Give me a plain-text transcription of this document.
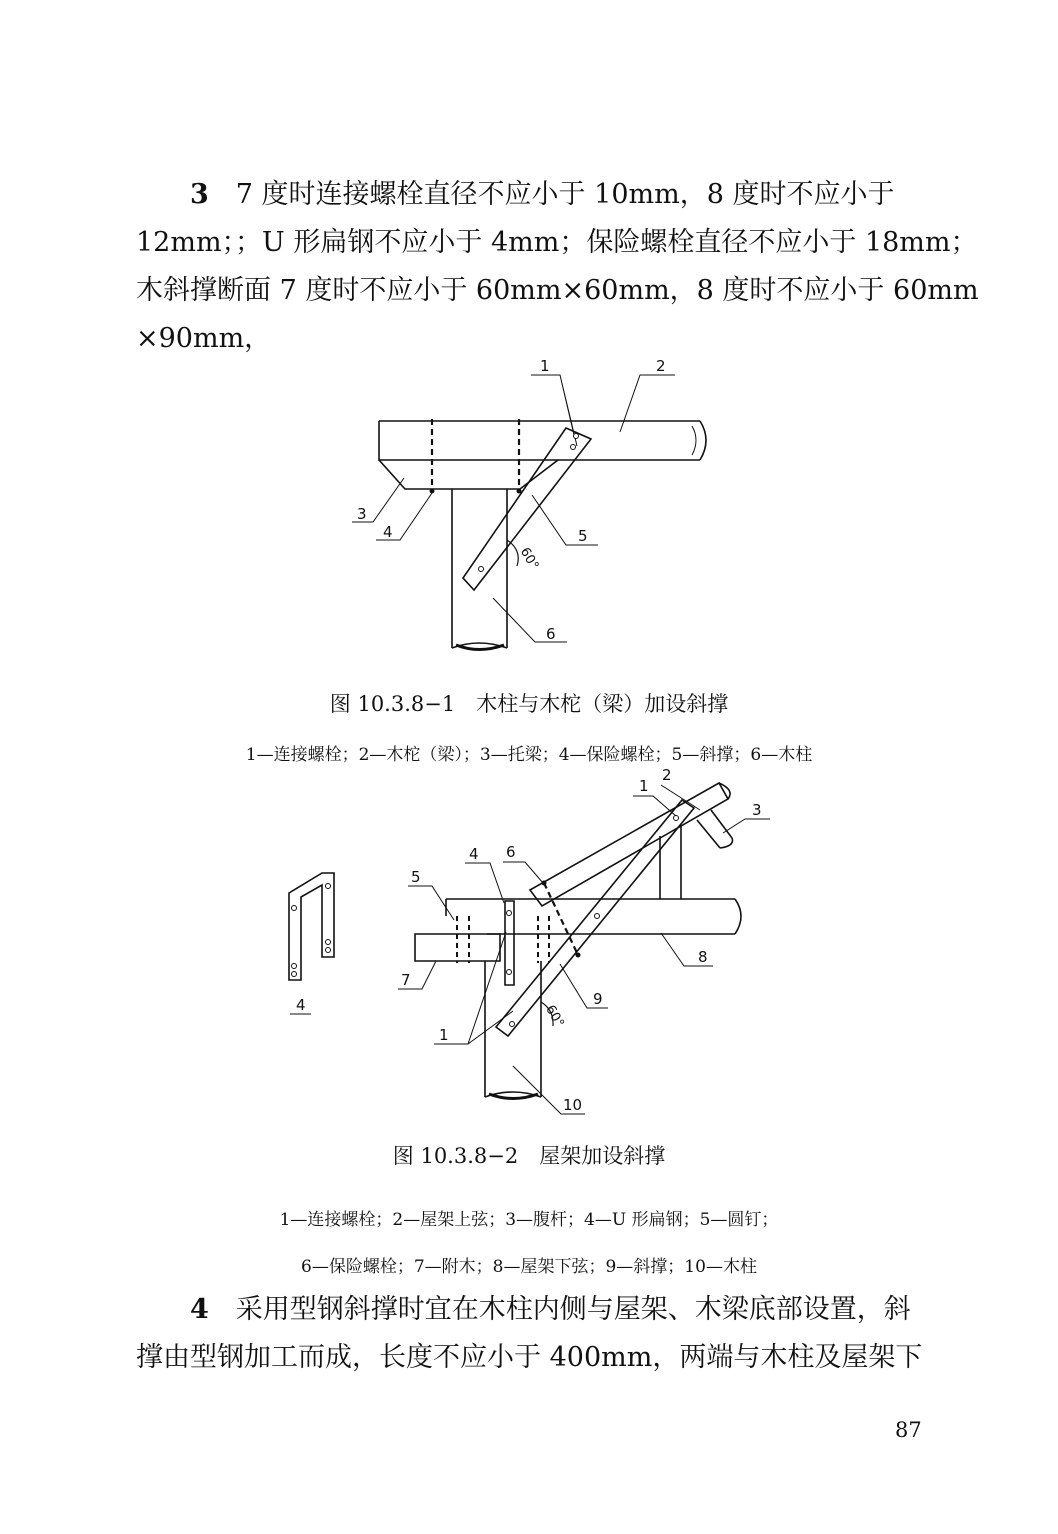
3  7 度时连接螺栓直径不应小于 10mm，8 度时不应小于
12mm；；U 形扁钢不应小于 4mm；保险螺栓直径不应小于 18mm；
木斜撑断面 7 度时不应小于 60mm×60mm，8 度时不应小于 60mm
×90mm，
1	2
3
4	5
6
60°
1
2
3
4
5
6
7
8
9
10
4
1
60°
图 10.3.8−1　木柱与木柁（梁）加设斜撑
1—连接螺栓；2—木柁（梁）；3—托梁；4—保险螺栓；5—斜撑；6—木柱
图 10.3.8−2　屋架加设斜撑
1—连接螺栓；2—屋架上弦；3—腹杆；4—U 形扁钢；5—圆钉；
6—保险螺栓；7—附木；8—屋架下弦；9—斜撑；10—木柱
4  采用型钢斜撑时宜在木柱内侧与屋架、木梁底部设置，斜
撑由型钢加工而成，长度不应小于 400mm，两端与木柱及屋架下
87
